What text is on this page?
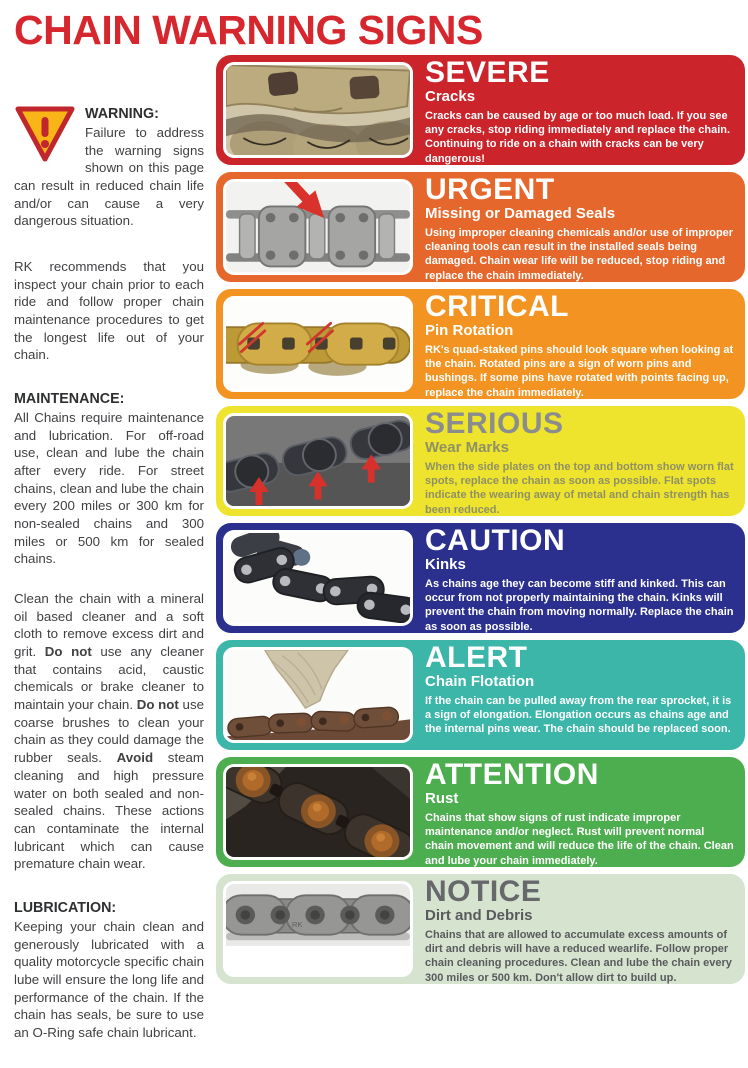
CHAIN WARNING SIGNS
WARNING:

Failure to address the warning signs shown on this page can result in reduced chain life and/or can cause a very dangerous situation.

RK recommends that you inspect your chain prior to each ride and follow proper chain maintenance procedures to get the longest life out of your chain.

MAINTENANCE:

All Chains require maintenance and lubrication. For off-road use, clean and lube the chain after every ride. For street chains, clean and lube the chain every 200 miles or 300 km for non-sealed chains and 300 miles or 500 km for sealed chains.

Clean the chain with a mineral oil based cleaner and a soft cloth to remove excess dirt and grit. Do not use any cleaner that contains acid, caustic chemicals or brake cleaner to maintain your chain. Do not use coarse brushes to clean your chain as they could damage the rubber seals. Avoid steam cleaning and high pressure water on both sealed and non-sealed chains. These actions can contaminate the internal lubricant which can cause premature chain wear.

LUBRICATION:

Keeping your chain clean and generously lubricated with a quality motorcycle specific chain lube will ensure the long life and performance of the chain. If the chain has seals, be sure to use an O-Ring safe chain lubricant.

SEVERE
Cracks
Cracks can be caused by age or too much load. If you see any cracks, stop riding immediately and replace the chain. Continuing to ride on a chain with cracks can be very dangerous!
URGENT
Missing or Damaged Seals
Using improper cleaning chemicals and/or use of improper cleaning tools can result in the installed seals being damaged. Chain wear life will be reduced, stop riding and replace the chain immediately.
CRITICAL
Pin Rotation
RK's quad-staked pins should look square when looking at the chain. Rotated pins are a sign of worn pins and bushings. If some pins have rotated with points facing up, replace the chain immediately.
SERIOUS
Wear Marks
When the side plates on the top and bottom show worn flat spots, replace the chain as soon as possible. Flat spots indicate the wearing away of metal and chain strength has been reduced.
CAUTION
Kinks
As chains age they can become stiff and kinked. This can occur from not properly maintaining the chain. Kinks will prevent the chain from moving normally. Replace the chain as soon as possible.
ALERT
Chain Flotation
If the chain can be pulled away from the rear sprocket, it is a sign of elongation. Elongation occurs as chains age and the internal pins wear. The chain should be replaced soon.
ATTENTION
Rust
Chains that show signs of rust indicate improper maintenance and/or neglect. Rust will prevent normal chain movement and will reduce the life of the chain. Clean and lube your chain immediately.
RK
NOTICE
Dirt and Debris
Chains that are allowed to accumulate excess amounts of dirt and debris will have a reduced wearlife. Follow proper chain cleaning procedures. Clean and lube the chain every 300 miles or 500 km. Don't allow dirt to build up.
